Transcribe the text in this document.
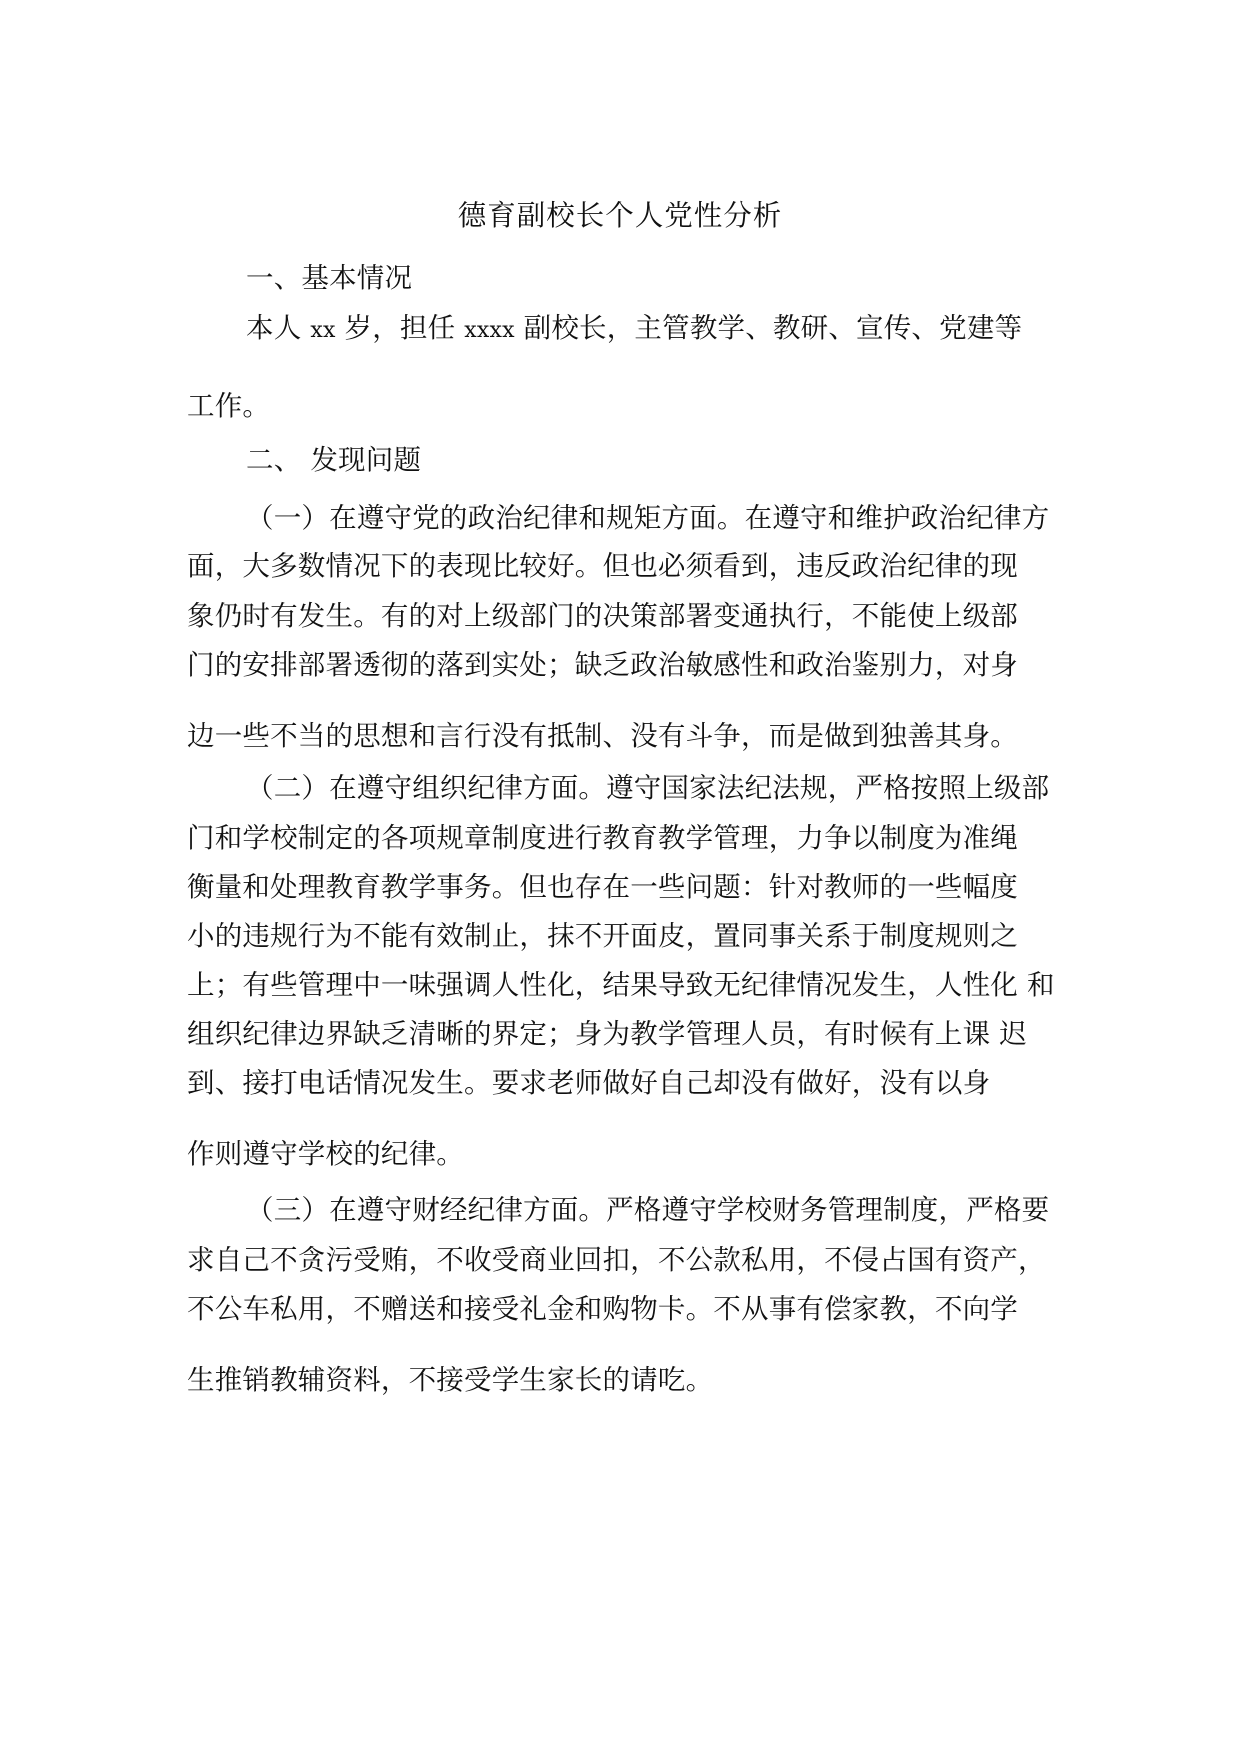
德育副校长个人党性分析
一、基本情况
本人 xx 岁，担任 xxxx 副校长，主管教学、教研、宣传、党建等
工作。
二、 发现问题
（一）在遵守党的政治纪律和规矩方面。在遵守和维护政治纪律方
面，大多数情况下的表现比较好。但也必须看到，违反政治纪律的现
象仍时有发生。有的对上级部门的决策部署变通执行，不能使上级部
门的安排部署透彻的落到实处；缺乏政治敏感性和政治鉴别力，对身
边一些不当的思想和言行没有抵制、没有斗争，而是做到独善其身。
（二）在遵守组织纪律方面。遵守国家法纪法规，严格按照上级部
门和学校制定的各项规章制度进行教育教学管理，力争以制度为准绳
衡量和处理教育教学事务。但也存在一些问题：针对教师的一些幅度
小的违规行为不能有效制止，抹不开面皮，置同事关系于制度规则之
上；有些管理中一味强调人性化，结果导致无纪律情况发生，人性化 和
组织纪律边界缺乏清晰的界定；身为教学管理人员，有时候有上课 迟
到、接打电话情况发生。要求老师做好自己却没有做好，没有以身
作则遵守学校的纪律。
（三）在遵守财经纪律方面。严格遵守学校财务管理制度，严格要
求自己不贪污受贿，不收受商业回扣，不公款私用，不侵占国有资产，
不公车私用，不赠送和接受礼金和购物卡。不从事有偿家教，不向学
生推销教辅资料，不接受学生家长的请吃。
